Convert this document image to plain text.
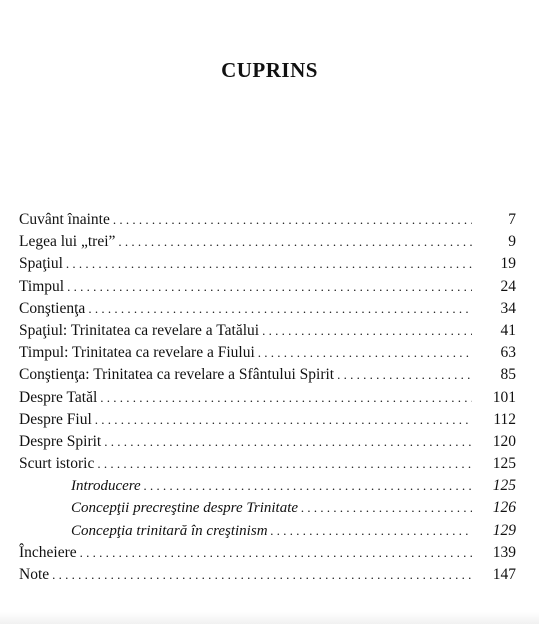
CUPRINS
Cuvânt înainte . . .	7
Legea lui „trei” . . .	9
Spaţiul . . .	19
Timpul . . .	24
Conştienţa . . .	34
Spaţiul: Trinitatea ca revelare a Tatălui . . .	41
Timpul: Trinitatea ca revelare a Fiului . . .	63
Conştienţa: Trinitatea ca revelare a Sfântului Spirit . . .	85
Despre Tatăl . . .	101
Despre Fiul . . .	112
Despre Spirit . . .	120
Scurt istoric . . .	125
Introducere . . .	125
Concepţii precreştine despre Trinitate . . .	126
Concepţia trinitară în creştinism . . .	129
Încheiere . . .	139
Note . . .	147
